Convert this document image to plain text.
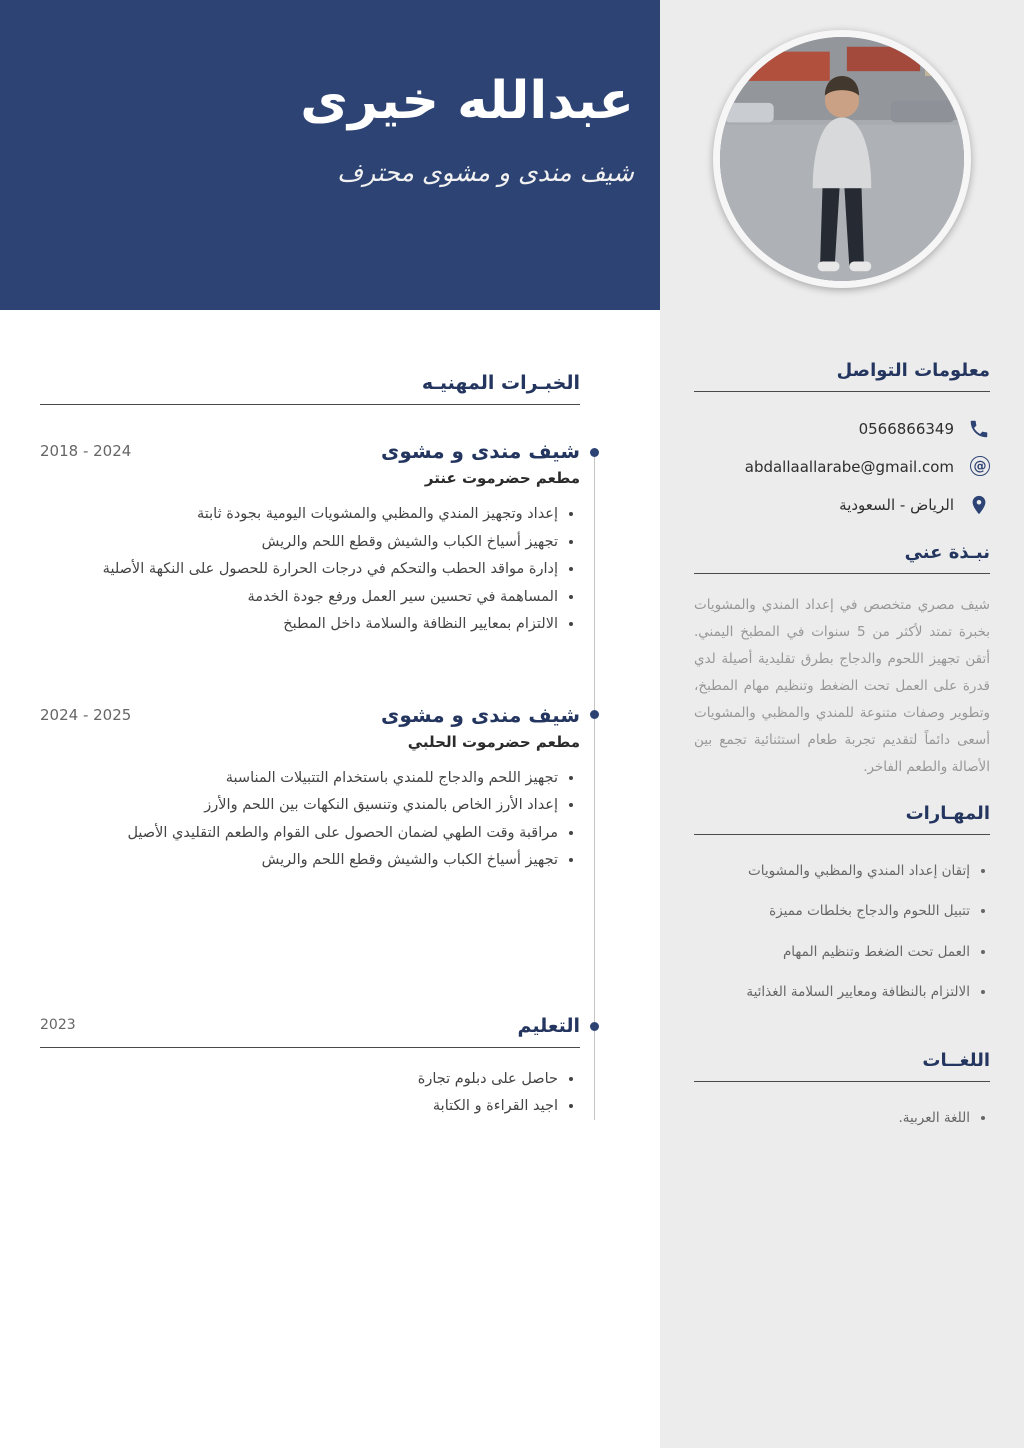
معلومات التواصل
0566866349
@
abdallaallarabe@gmail.com
الرياض - السعودية
نبـذة عني

شيف مصري متخصص في إعداد المندي والمشويات بخبرة تمتد لأكثر من 5 سنوات في المطبخ اليمني. أتقن تجهيز اللحوم والدجاج بطرق تقليدية أصيلة لدي قدرة على العمل تحت الضغط وتنظيم مهام المطبخ، وتطوير وصفات متنوعة للمندي والمظبي والمشويات أسعى دائماً لتقديم تجربة طعام استثنائية تجمع بين الأصالة والطعم الفاخر.

المهـارات
• إتقان إعداد المندي والمظبي والمشويات
• تتبيل اللحوم والدجاج بخلطات مميزة
• العمل تحت الضغط وتنظيم المهام
• الالتزام بالنظافة ومعايير السلامة الغذائية
اللغــات
• اللغة العربية.
عبدالله خيرى
شيف مندى و مشوى محترف
الخبـرات المهنيـه
شيف مندى و مشوى
2018 - 2024
مطعم حضرموت عنتر
• إعداد وتجهيز المندي والمظبي والمشويات اليومية بجودة ثابتة
• تجهيز أسياخ الكباب والشيش وقطع اللحم والريش
• إدارة مواقد الحطب والتحكم في درجات الحرارة للحصول على النكهة الأصلية
• المساهمة في تحسين سير العمل ورفع جودة الخدمة
• الالتزام بمعايير النظافة والسلامة داخل المطبخ
شيف مندى و مشوى
2024 - 2025
مطعم حضرموت الحلبي
• تجهيز اللحم والدجاج للمندي باستخدام التتبيلات المناسبة
• إعداد الأرز الخاص بالمندي وتنسيق النكهات بين اللحم والأرز
• مراقبة وقت الطهي لضمان الحصول على القوام والطعم التقليدي الأصيل
• تجهيز أسياخ الكباب والشيش وقطع اللحم والريش
التعليم
2023
• حاصل على دبلوم تجارة
• اجيد القراءة و الكتابة
